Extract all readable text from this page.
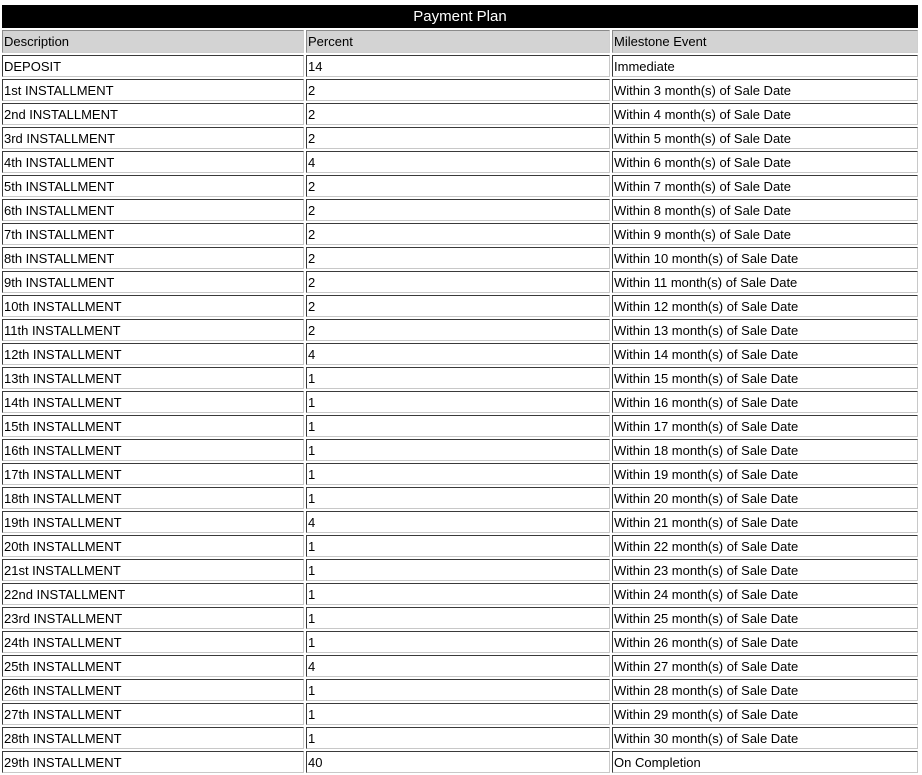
Payment Plan		
Description	Percent	Milestone Event
DEPOSIT	14	Immediate
1st INSTALLMENT	2	Within 3 month(s) of Sale Date
2nd INSTALLMENT	2	Within 4 month(s) of Sale Date
3rd INSTALLMENT	2	Within 5 month(s) of Sale Date
4th INSTALLMENT	4	Within 6 month(s) of Sale Date
5th INSTALLMENT	2	Within 7 month(s) of Sale Date
6th INSTALLMENT	2	Within 8 month(s) of Sale Date
7th INSTALLMENT	2	Within 9 month(s) of Sale Date
8th INSTALLMENT	2	Within 10 month(s) of Sale Date
9th INSTALLMENT	2	Within 11 month(s) of Sale Date
10th INSTALLMENT	2	Within 12 month(s) of Sale Date
11th INSTALLMENT	2	Within 13 month(s) of Sale Date
12th INSTALLMENT	4	Within 14 month(s) of Sale Date
13th INSTALLMENT	1	Within 15 month(s) of Sale Date
14th INSTALLMENT	1	Within 16 month(s) of Sale Date
15th INSTALLMENT	1	Within 17 month(s) of Sale Date
16th INSTALLMENT	1	Within 18 month(s) of Sale Date
17th INSTALLMENT	1	Within 19 month(s) of Sale Date
18th INSTALLMENT	1	Within 20 month(s) of Sale Date
19th INSTALLMENT	4	Within 21 month(s) of Sale Date
20th INSTALLMENT	1	Within 22 month(s) of Sale Date
21st INSTALLMENT	1	Within 23 month(s) of Sale Date
22nd INSTALLMENT	1	Within 24 month(s) of Sale Date
23rd INSTALLMENT	1	Within 25 month(s) of Sale Date
24th INSTALLMENT	1	Within 26 month(s) of Sale Date
25th INSTALLMENT	4	Within 27 month(s) of Sale Date
26th INSTALLMENT	1	Within 28 month(s) of Sale Date
27th INSTALLMENT	1	Within 29 month(s) of Sale Date
28th INSTALLMENT	1	Within 30 month(s) of Sale Date
29th INSTALLMENT	40	On Completion
